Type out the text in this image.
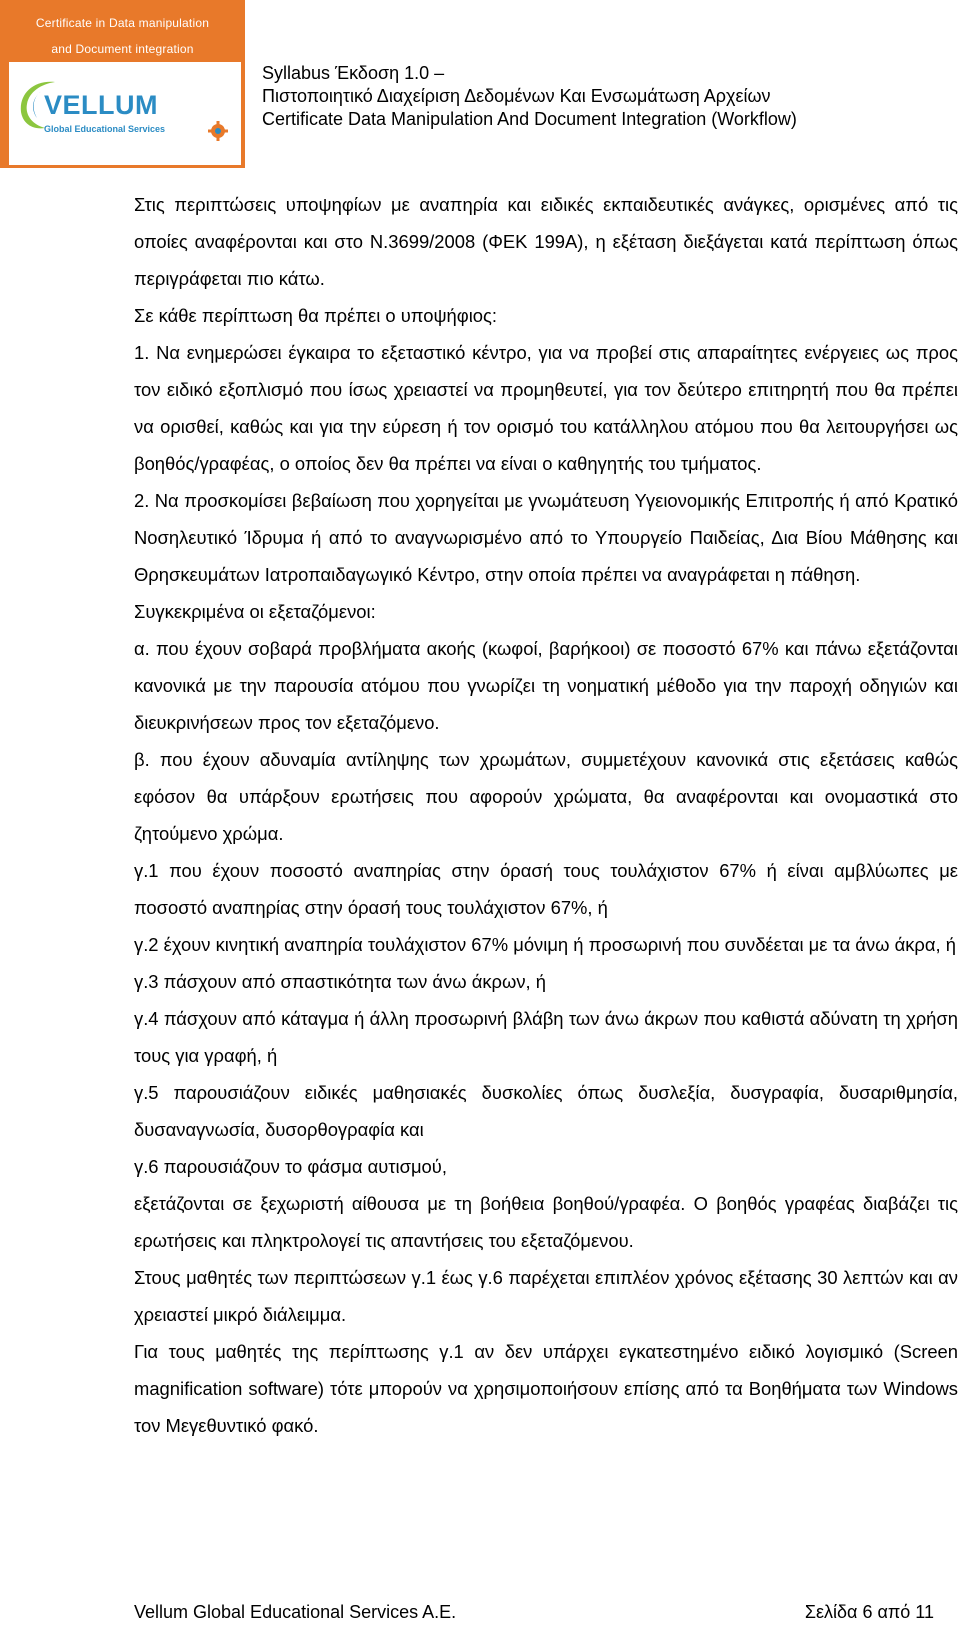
Certificate in Data manipulation
and Document integration
VELLUM
Global Educational Services
Syllabus Έκδοση 1.0 –
Πιστοποιητικό Διαχείριση Δεδομένων Και Ενσωμάτωση Αρχείων
Certificate Data Manipulation And Document Integration (Workflow)

Στις περιπτώσεις υποψηφίων με αναπηρία και ειδικές εκπαιδευτικές ανάγκες, ορισμένες από τις οποίες αναφέρονται και στο Ν.3699/2008 (ΦΕΚ 199Α), η εξέταση διεξάγεται κατά περίπτωση όπως περιγράφεται πιο κάτω.

Σε κάθε περίπτωση θα πρέπει ο υποψήφιος:

1. Να ενημερώσει έγκαιρα το εξεταστικό κέντρο, για να προβεί στις απαραίτητες ενέργειες ως προς τον ειδικό εξοπλισμό που ίσως χρειαστεί να προμηθευτεί, για τον δεύτερο επιτηρητή που θα πρέπει να ορισθεί, καθώς και για την εύρεση ή τον ορισμό του κατάλληλου ατόμου που θα λειτουργήσει ως βοηθός/γραφέας, ο οποίος δεν θα πρέπει να είναι ο καθηγητής του τμήματος.

2. Να προσκομίσει βεβαίωση που χορηγείται με γνωμάτευση Υγειονομικής Επιτροπής ή από Κρατικό Νοσηλευτικό Ίδρυμα ή από το αναγνωρισμένο από το Υπουργείο Παιδείας, Δια Βίου Μάθησης και Θρησκευμάτων Ιατροπαιδαγωγικό Κέντρο, στην οποία πρέπει να αναγράφεται η πάθηση.

Συγκεκριμένα οι εξεταζόμενοι:

α. που έχουν σοβαρά προβλήματα ακοής (κωφοί, βαρήκοοι) σε ποσοστό 67% και πάνω εξετάζονται κανονικά με την παρουσία ατόμου που γνωρίζει τη νοηματική μέθοδο για την παροχή οδηγιών και διευκρινήσεων προς τον εξεταζόμενο.

β. που έχουν αδυναμία αντίληψης των χρωμάτων, συμμετέχουν κανονικά στις εξετάσεις καθώς εφόσον θα υπάρξουν ερωτήσεις που αφορούν χρώματα, θα αναφέρονται και ονομαστικά στο ζητούμενο χρώμα.

γ.1 που έχουν ποσοστό αναπηρίας στην όρασή τους τουλάχιστον 67% ή είναι αμβλύωπες με ποσοστό αναπηρίας στην όρασή τους τουλάχιστον 67%, ή

γ.2 έχουν κινητική αναπηρία τουλάχιστον 67% μόνιμη ή προσωρινή που συνδέεται με τα άνω άκρα, ή

γ.3 πάσχουν από σπαστικότητα των άνω άκρων, ή

γ.4 πάσχουν από κάταγμα ή άλλη προσωρινή βλάβη των άνω άκρων που καθιστά αδύνατη τη χρήση τους για γραφή, ή

γ.5 παρουσιάζουν ειδικές μαθησιακές δυσκολίες όπως δυσλεξία, δυσγραφία, δυσαριθμησία, δυσαναγνωσία, δυσορθογραφία και

γ.6 παρουσιάζουν το φάσμα αυτισμού,

εξετάζονται σε ξεχωριστή αίθουσα με τη βοήθεια βοηθού/γραφέα. Ο βοηθός γραφέας διαβάζει τις ερωτήσεις και πληκτρολογεί τις απαντήσεις του εξεταζόμενου.

Στους μαθητές των περιπτώσεων γ.1 έως γ.6 παρέχεται επιπλέον χρόνος εξέτασης 30 λεπτών και αν χρειαστεί μικρό διάλειμμα.

Για τους μαθητές της περίπτωσης γ.1 αν δεν υπάρχει εγκατεστημένο ειδικό λογισμικό (Screen magnification software) τότε μπορούν να χρησιμοποιήσουν επίσης από τα Βοηθήματα των Windows τον Μεγεθυντικό φακό.

Vellum Global Educational Services A.E.	Σελίδα 6 από 11
